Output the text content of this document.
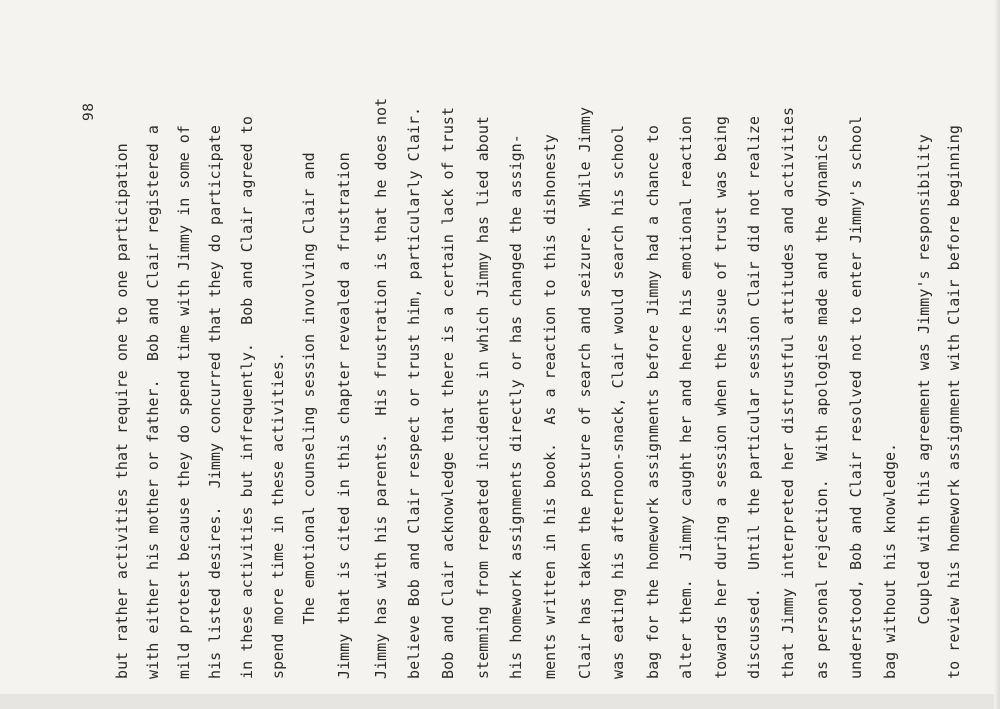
98
but rather activities that require one to one participation with either his mother or father.  Bob and Clair registered a mild protest because they do spend time with Jimmy in some of his listed desires.  Jimmy concurred that they do participate in these activities but infrequently.  Bob and Clair agreed to spend more time in these activities. The emotional counseling session involving Clair and Jimmy that is cited in this chapter revealed a frustration Jimmy has with his parents.  His frustration is that he does not believe Bob and Clair respect or trust him, particularly Clair. Bob and Clair acknowledge that there is a certain lack of trust stemming from repeated incidents in which Jimmy has lied about his homework assignments directly or has changed the assign- ments written in his book.  As a reaction to this dishonesty Clair has taken the posture of search and seizure.  While Jimmy was eating his afternoon-snack, Clair would search his school bag for the homework assignments before Jimmy had a chance to alter them.  Jimmy caught her and hence his emotional reaction towards her during a session when the issue of trust was being discussed.  Until the particular session Clair did not realize that Jimmy interpreted her distrustful attitudes and activities as personal rejection.  With apologies made and the dynamics understood, Bob and Clair resolved not to enter Jimmy's school bag without his knowledge. Coupled with this agreement was Jimmy's responsibility to review his homework assignment with Clair before beginning
